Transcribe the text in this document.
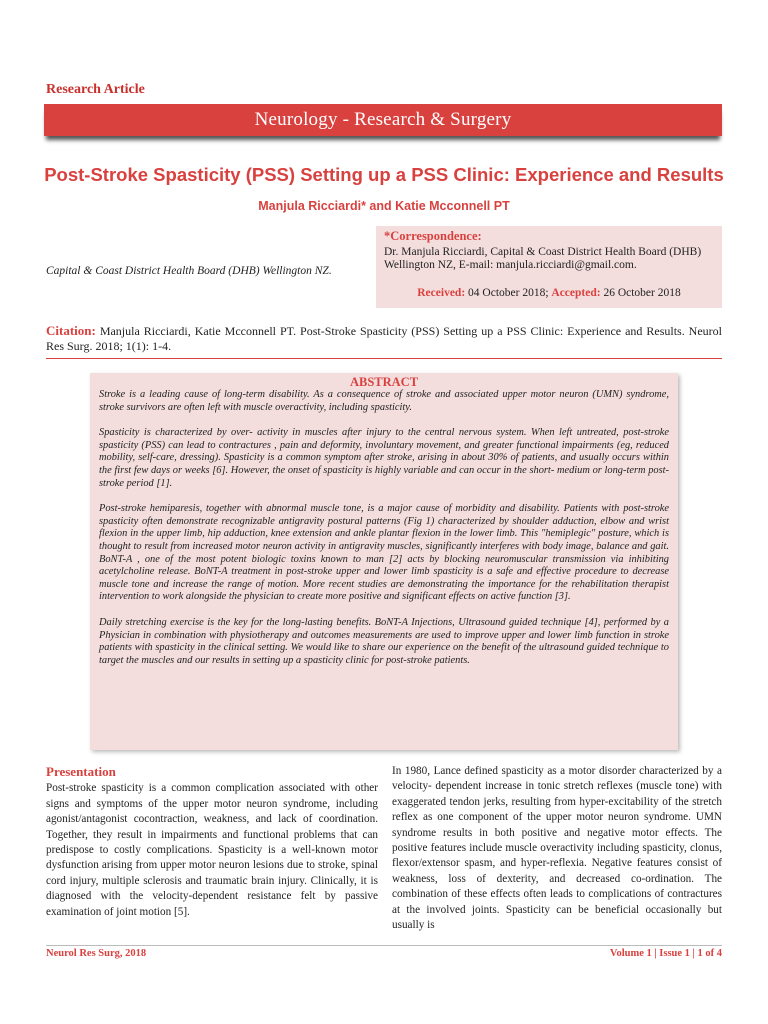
Research Article
Neurology - Research & Surgery
Post-Stroke Spasticity (PSS) Setting up a PSS Clinic: Experience and Results
Manjula Ricciardi* and Katie Mcconnell PT
Capital & Coast District Health Board (DHB) Wellington NZ.
*Correspondence:
Dr. Manjula Ricciardi, Capital & Coast District Health Board (DHB) Wellington NZ, E-mail: manjula.ricciardi@gmail.com.
Received: 04 October 2018; Accepted: 26 October 2018
Citation: Manjula Ricciardi, Katie Mcconnell PT. Post-Stroke Spasticity (PSS) Setting up a PSS Clinic: Experience and Results. Neurol Res Surg. 2018; 1(1): 1-4.
ABSTRACT

Stroke is a leading cause of long-term disability. As a consequence of stroke and associated upper motor neuron (UMN) syndrome, stroke survivors are often left with muscle overactivity, including spasticity.

Spasticity is characterized by over- activity in muscles after injury to the central nervous system. When left untreated, post-stroke spasticity (PSS) can lead to contractures , pain and deformity, involuntary movement, and greater functional impairments (eg, reduced mobility, self-care, dressing). Spasticity is a common symptom after stroke, arising in about 30% of patients, and usually occurs within the first few days or weeks [6]. However, the onset of spasticity is highly variable and can occur in the short- medium or long-term post-stroke period [1].

Post-stroke hemiparesis, together with abnormal muscle tone, is a major cause of morbidity and disability. Patients with post-stroke spasticity often demonstrate recognizable antigravity postural patterns (Fig 1) characterized by shoulder adduction, elbow and wrist flexion in the upper limb, hip adduction, knee extension and ankle plantar flexion in the lower limb. This "hemiplegic" posture, which is thought to result from increased motor neuron activity in antigravity muscles, significantly interferes with body image, balance and gait. BoNT-A , one of the most potent biologic toxins known to man [2] acts by blocking neuromuscular transmission via inhibiting acetylcholine release. BoNT-A treatment in post-stroke upper and lower limb spasticity is a safe and effective procedure to decrease muscle tone and increase the range of motion. More recent studies are demonstrating the importance for the rehabilitation therapist intervention to work alongside the physician to create more positive and significant effects on active function [3].

Daily stretching exercise is the key for the long-lasting benefits. BoNT-A Injections, Ultrasound guided technique [4], performed by a Physician in combination with physiotherapy and outcomes measurements are used to improve upper and lower limb function in stroke patients with spasticity in the clinical setting. We would like to share our experience on the benefit of the ultrasound guided technique to target the muscles and our results in setting up a spasticity clinic for post-stroke patients.

Presentation
Post-stroke spasticity is a common complication associated with other signs and symptoms of the upper motor neuron syndrome, including agonist/antagonist cocontraction, weakness, and lack of coordination. Together, they result in impairments and functional problems that can predispose to costly complications. Spasticity is a well-known motor dysfunction arising from upper motor neuron lesions due to stroke, spinal cord injury, multiple sclerosis and traumatic brain injury. Clinically, it is diagnosed with the velocity-dependent resistance felt by passive examination of joint motion [5].
In 1980, Lance defined spasticity as a motor disorder characterized by a velocity- dependent increase in tonic stretch reflexes (muscle tone) with exaggerated tendon jerks, resulting from hyper-excitability of the stretch reflex as one component of the upper motor neuron syndrome. UMN syndrome results in both positive and negative motor effects. The positive features include muscle overactivity including spasticity, clonus, flexor/extensor spasm, and hyper-reflexia. Negative features consist of weakness, loss of dexterity, and decreased co-ordination. The combination of these effects often leads to complications of contractures at the involved joints. Spasticity can be beneficial occasionally but usually is
Neurol Res Surg, 2018	Volume 1 | Issue 1 | 1 of 4
